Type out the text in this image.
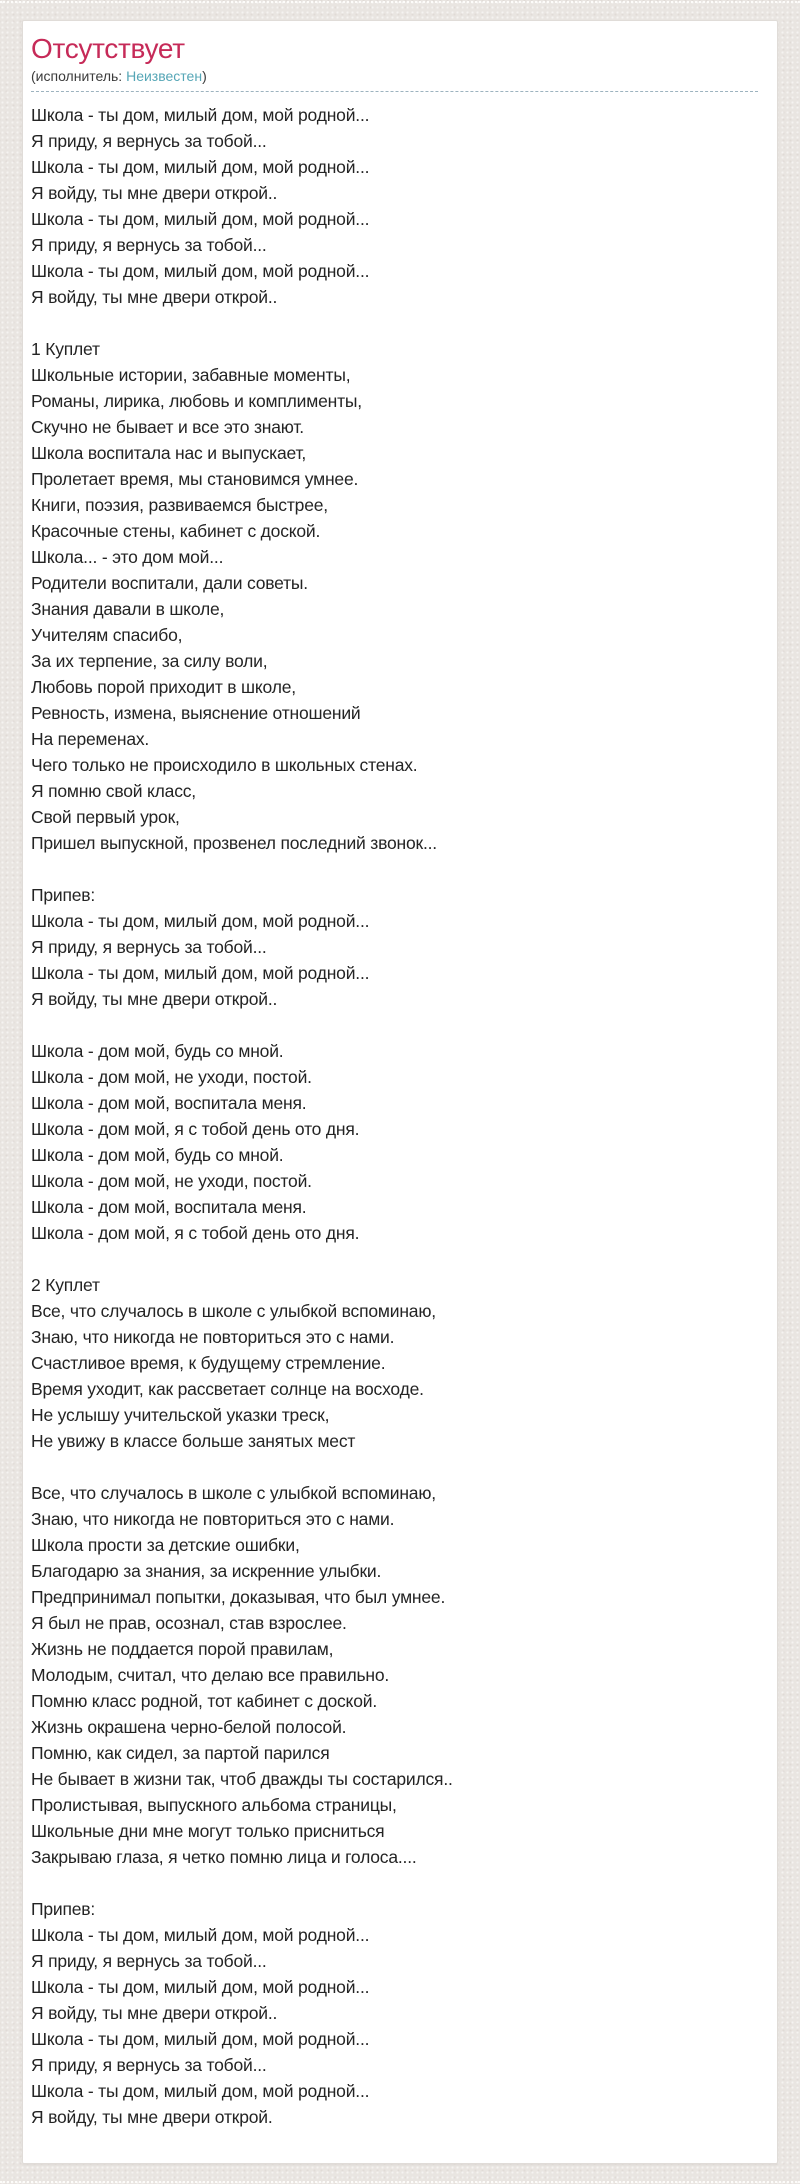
Отсутствует
(исполнитель: Неизвестен)

Школа - ты дом, милый дом, мой родной...
Я приду, я вернусь за тобой...
Школа - ты дом, милый дом, мой родной...
Я войду, ты мне двери открой..
Школа - ты дом, милый дом, мой родной...
Я приду, я вернусь за тобой...
Школа - ты дом, милый дом, мой родной...
Я войду, ты мне двери открой..

1 Куплет
Школьные истории, забавные моменты,
Романы, лирика, любовь и комплименты,
Скучно не бывает и все это знают.
Школа воспитала нас и выпускает,
Пролетает время, мы становимся умнее.
Книги, поэзия, развиваемся быстрее,
Красочные стены, кабинет с доской.
Школа... - это дом мой...
Родители воспитали, дали советы.
Знания давали в школе,
Учителям спасибо,
За их терпение, за силу воли,
Любовь порой приходит в школе,
Ревность, измена, выяснение отношений
На переменах.
Чего только не происходило в школьных стенах.
Я помню свой класс,
Свой первый урок,
Пришел выпускной, прозвенел последний звонок...

Припев:
Школа - ты дом, милый дом, мой родной...
Я приду, я вернусь за тобой...
Школа - ты дом, милый дом, мой родной...
Я войду, ты мне двери открой..

Школа - дом мой, будь со мной.
Школа - дом мой, не уходи, постой.
Школа - дом мой, воспитала меня.
Школа - дом мой, я с тобой день ото дня.
Школа - дом мой, будь со мной.
Школа - дом мой, не уходи, постой.
Школа - дом мой, воспитала меня.
Школа - дом мой, я с тобой день ото дня.

2 Куплет
Все, что случалось в школе с улыбкой вспоминаю,
Знаю, что никогда не повториться это с нами.
Счастливое время, к будущему стремление.
Время уходит, как рассветает солнце на восходе.
Не услышу учительской указки треск,
Не увижу в классе больше занятых мест

Все, что случалось в школе с улыбкой вспоминаю,
Знаю, что никогда не повториться это с нами.
Школа прости за детские ошибки,
Благодарю за знания, за искренние улыбки.
Предпринимал попытки, доказывая, что был умнее.
Я был не прав, осознал, став взрослее.
Жизнь не поддается порой правилам,
Молодым, считал, что делаю все правильно.
Помню класс родной, тот кабинет с доской.
Жизнь окрашена черно-белой полосой.
Помню, как сидел, за партой парился
Не бывает в жизни так, чтоб дважды ты состарился..
Пролистывая, выпускного альбома страницы,
Школьные дни мне могут только присниться
Закрываю глаза, я четко помню лица и голоса....

Припев:
Школа - ты дом, милый дом, мой родной...
Я приду, я вернусь за тобой...
Школа - ты дом, милый дом, мой родной...
Я войду, ты мне двери открой..
Школа - ты дом, милый дом, мой родной...
Я приду, я вернусь за тобой...
Школа - ты дом, милый дом, мой родной...
Я войду, ты мне двери открой.
